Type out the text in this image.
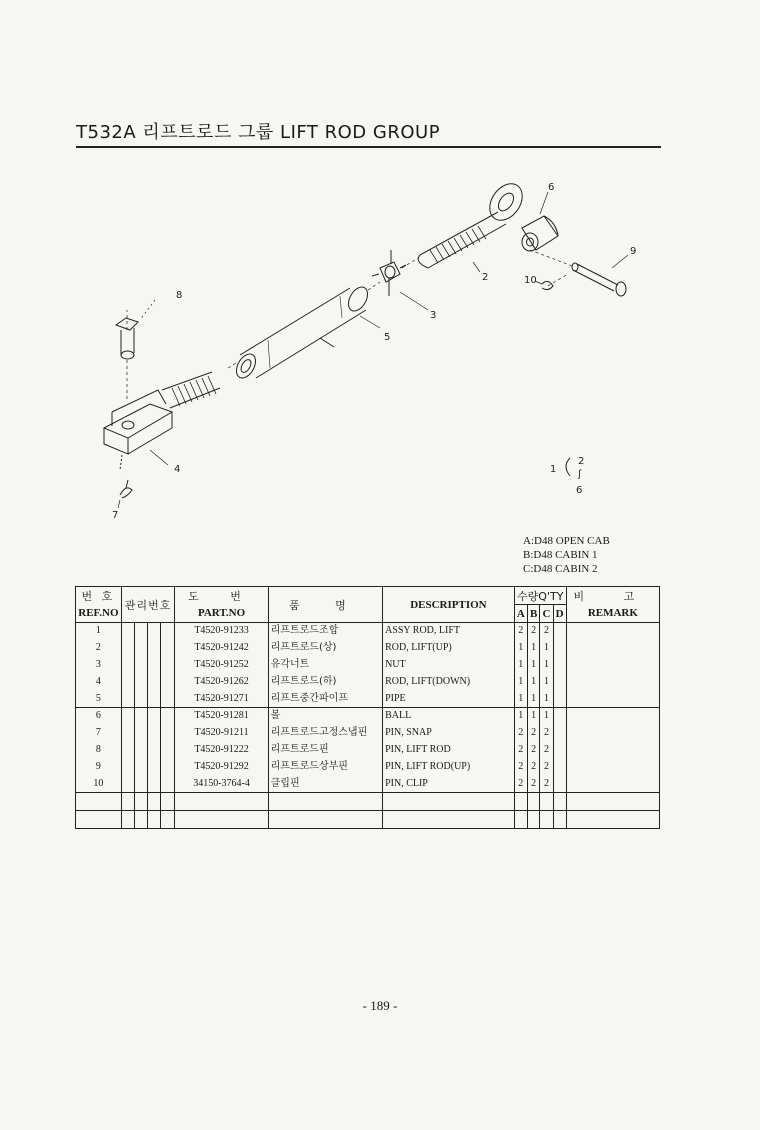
T532A 리프트로드 그룹 LIFT ROD GROUP
6
9
2	10
3
5
8
4
7
1
2
ʃ
6
A:D48 OPEN CAB
B:D48 CABIN 1
C:D48 CABIN 2
번 호	관리번호				도 번	품 명	DESCRIPTION	수량Q'TY				비 고
REF.NO					PART.NO			A	B	C	D	REMARK
1					T4520-91233	리프트로드조합	ASSY ROD, LIFT	2	2	2		
2					T4520-91242	리프트로드(상)	ROD, LIFT(UP)	1	1	1		
3					T4520-91252	유각너트	NUT	1	1	1		
4					T4520-91262	리프트로드(하)	ROD, LIFT(DOWN)	1	1	1		
5					T4520-91271	리프트중간파이프	PIPE	1	1	1		
6					T4520-91281	볼	BALL	1	1	1		
7					T4520-91211	리프트로드고정스냅핀	PIN, SNAP	2	2	2		
8					T4520-91222	리프트로드핀	PIN, LIFT ROD	2	2	2		
9					T4520-91292	리프트로드상부핀	PIN, LIFT ROD(UP)	2	2	2		
10					34150-3764-4	클립핀	PIN, CLIP	2	2	2		

- 189 -
